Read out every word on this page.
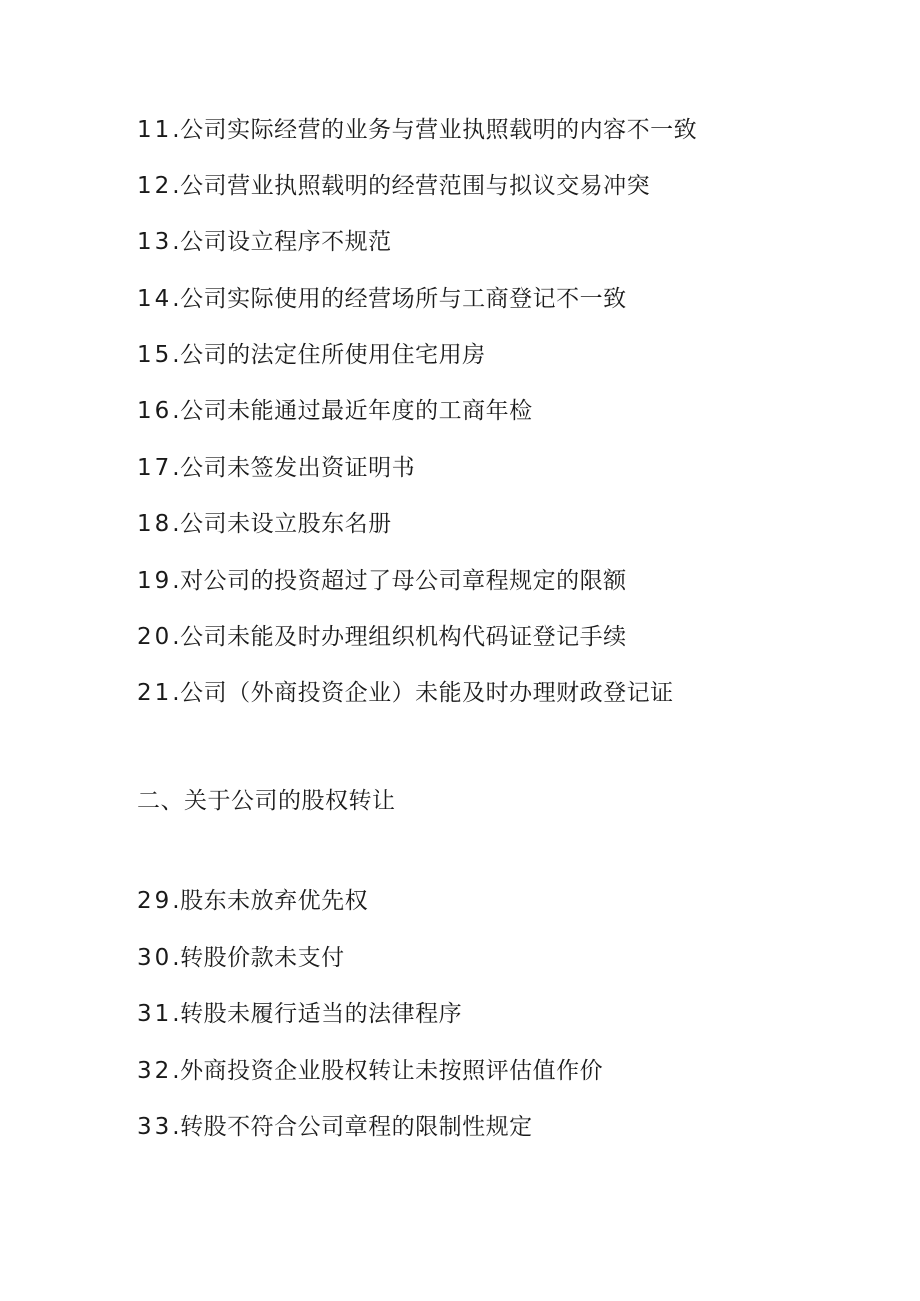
11.公司实际经营的业务与营业执照载明的内容不一致
12.公司营业执照载明的经营范围与拟议交易冲突
13.公司设立程序不规范
14.公司实际使用的经营场所与工商登记不一致
15.公司的法定住所使用住宅用房
16.公司未能通过最近年度的工商年检
17.公司未签发出资证明书
18.公司未设立股东名册
19.对公司的投资超过了母公司章程规定的限额
20.公司未能及时办理组织机构代码证登记手续
21.公司（外商投资企业）未能及时办理财政登记证
二、关于公司的股权转让
29.股东未放弃优先权
30.转股价款未支付
31.转股未履行适当的法律程序
32.外商投资企业股权转让未按照评估值作价
33.转股不符合公司章程的限制性规定
